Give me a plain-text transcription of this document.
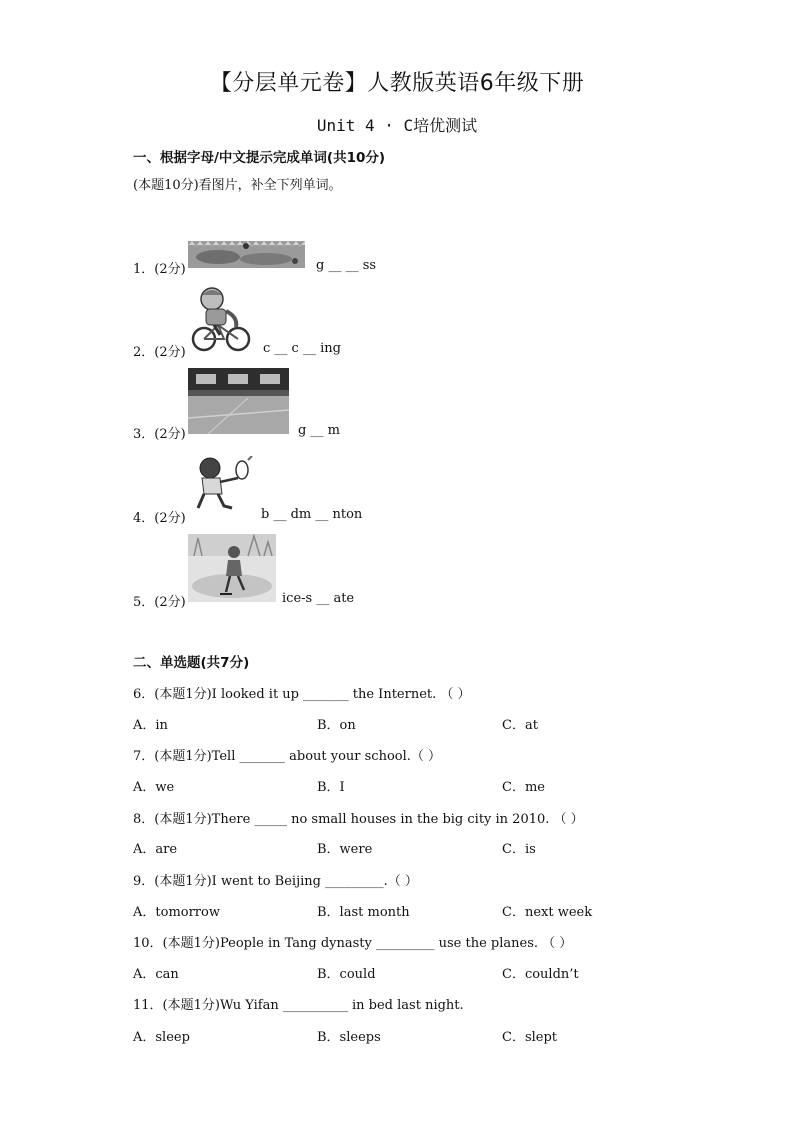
【分层单元卷】人教版英语6年级下册
Unit 4 · C培优测试
一、根据字母/中文提示完成单词(共10分)
(本题10分)看图片，补全下列单词。
1．(2分)	g __ __ ss
2．(2分)	c __ c __ ing
3．(2分)	g __ m
4．(2分)	b __ dm __ nton
5．(2分)	ice-s __ ate
二、单选题(共7分)
6．(本题1分)I looked it up _______ the Internet. （ ）
A．in	B．on	C．at
7．(本题1分)Tell _______ about your school.（ ）
A．we	B．I	C．me
8．(本题1分)There _____ no small houses in the big city in 2010. （ ）
A．are	B．were	C．is
9．(本题1分)I went to Beijing _________.（ ）
A．tomorrow	B．last month	C．next week
10．(本题1分)People in Tang dynasty _________ use the planes. （ ）
A．can	B．could	C．couldn’t
11．(本题1分)Wu Yifan __________ in bed last night.
A．sleep	B．sleeps	C．slept
